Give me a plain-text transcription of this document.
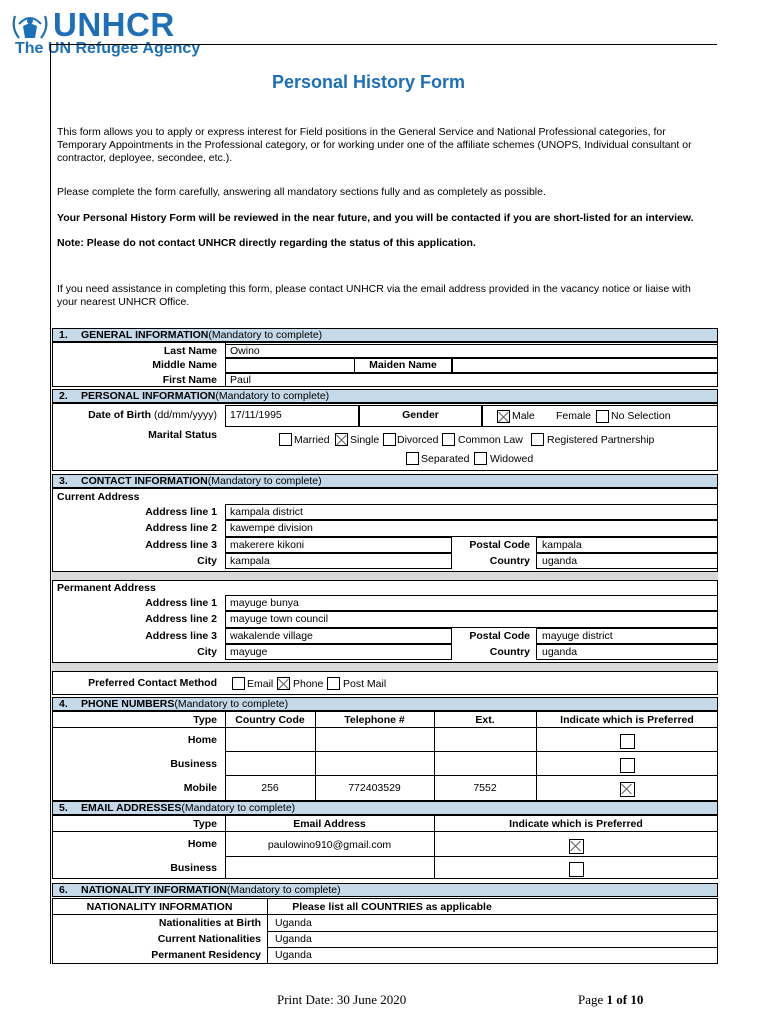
UNHCR
The UN Refugee Agency
Personal History Form
This form allows you to apply or express interest for Field positions in the General Service and National Professional categories, for Temporary Appointments in the Professional category, or for working under one of the affiliate schemes (UNOPS, Individual consultant or contractor, deployee, secondee, etc.).
Please complete the form carefully, answering all mandatory sections fully and as completely as possible.
Your Personal History Form will be reviewed in the near future, and you will be contacted if you are short-listed for an interview.
Note: Please do not contact UNHCR directly regarding the status of this application.
If you need assistance in completing this form, please contact UNHCR via the email address provided in the vacancy notice or liaise with your nearest UNHCR Office.
1. GENERAL INFORMATION(Mandatory to complete)
Last Name Owino
Middle Name	Maiden Name
First Name Paul
2. PERSONAL INFORMATION(Mandatory to complete)
Date of Birth (dd/mm/yyyy) 17/11/1995	Gender	Male Female No Selection
Marital Status	Married Single Divorced Common Law Registered Partnership
Separated Widowed
3. CONTACT INFORMATION(Mandatory to complete)
Current Address
Address line 1 kampala district
Address line 2 kawempe division
Address line 3 makerere kikoni	Postal Code kampala
City kampala	Country uganda
Permanent Address
Address line 1 mayuge bunya
Address line 2 mayuge town council
Address line 3 wakalende village	Postal Code mayuge district
City mayuge	Country uganda
Preferred Contact Method	Email Phone Post Mail
4. PHONE NUMBERS(Mandatory to complete)
Type	Country Code	Telephone #	Ext.	Indicate which is Preferred
Home
Business
Mobile	256	772403529	7552
5. EMAIL ADDRESSES(Mandatory to complete)
Type	Email Address	Indicate which is Preferred
Home	paulowino910@gmail.com
Business
6. NATIONALITY INFORMATION(Mandatory to complete)
NATIONALITY INFORMATION	Please list all COUNTRIES as applicable
Nationalities at Birth Uganda
Current Nationalities Uganda
Permanent Residency Uganda
Print Date: 30 June 2020	Page 1 of 10
